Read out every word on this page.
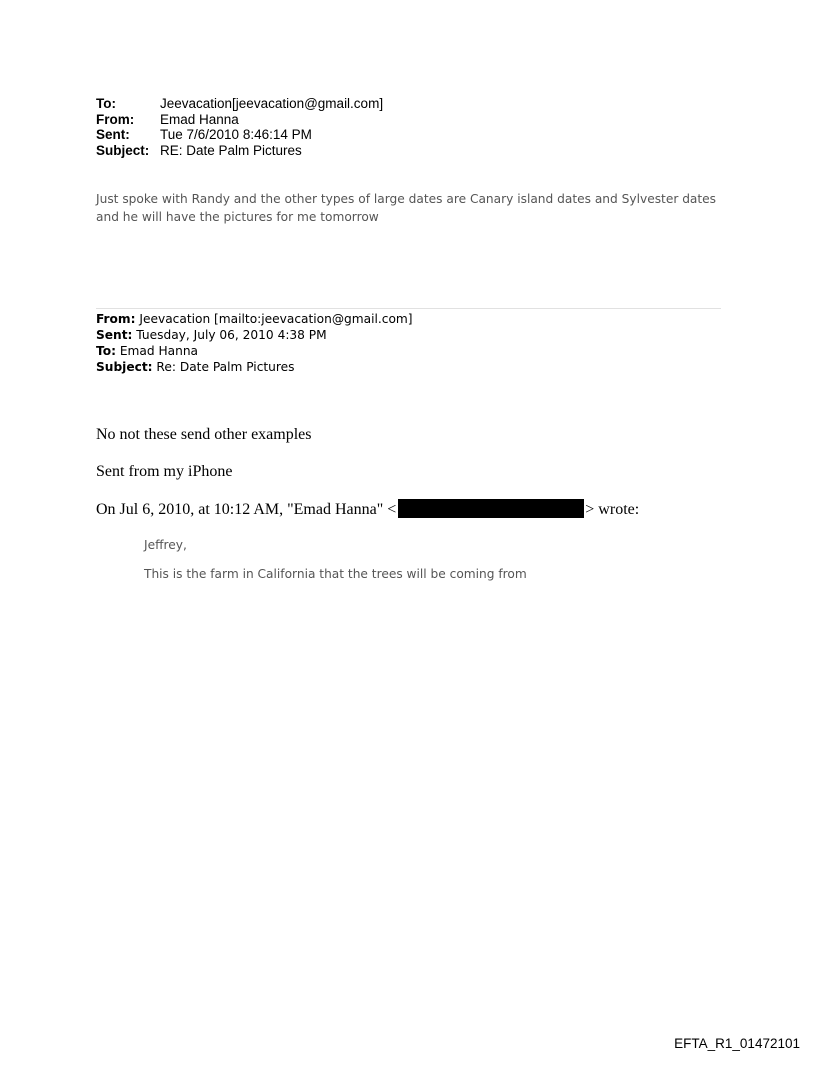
To:	Jeevacation[jeevacation@gmail.com]
From:	Emad Hanna
Sent:	Tue 7/6/2010 8:46:14 PM
Subject: RE: Date Palm Pictures
Just spoke with Randy and the other types of large dates are Canary island dates and Sylvester dates and he will have the pictures for me tomorrow
From: Jeevacation [mailto:jeevacation@gmail.com]
Sent: Tuesday, July 06, 2010 4:38 PM
To: Emad Hanna
Subject: Re: Date Palm Pictures
No not these send other examples
Sent from my iPhone
On Jul 6, 2010, at 10:12 AM, "Emad Hanna" <	> wrote:
Jeffrey,
This is the farm in California that the trees will be coming from
EFTA_R1_01472101
